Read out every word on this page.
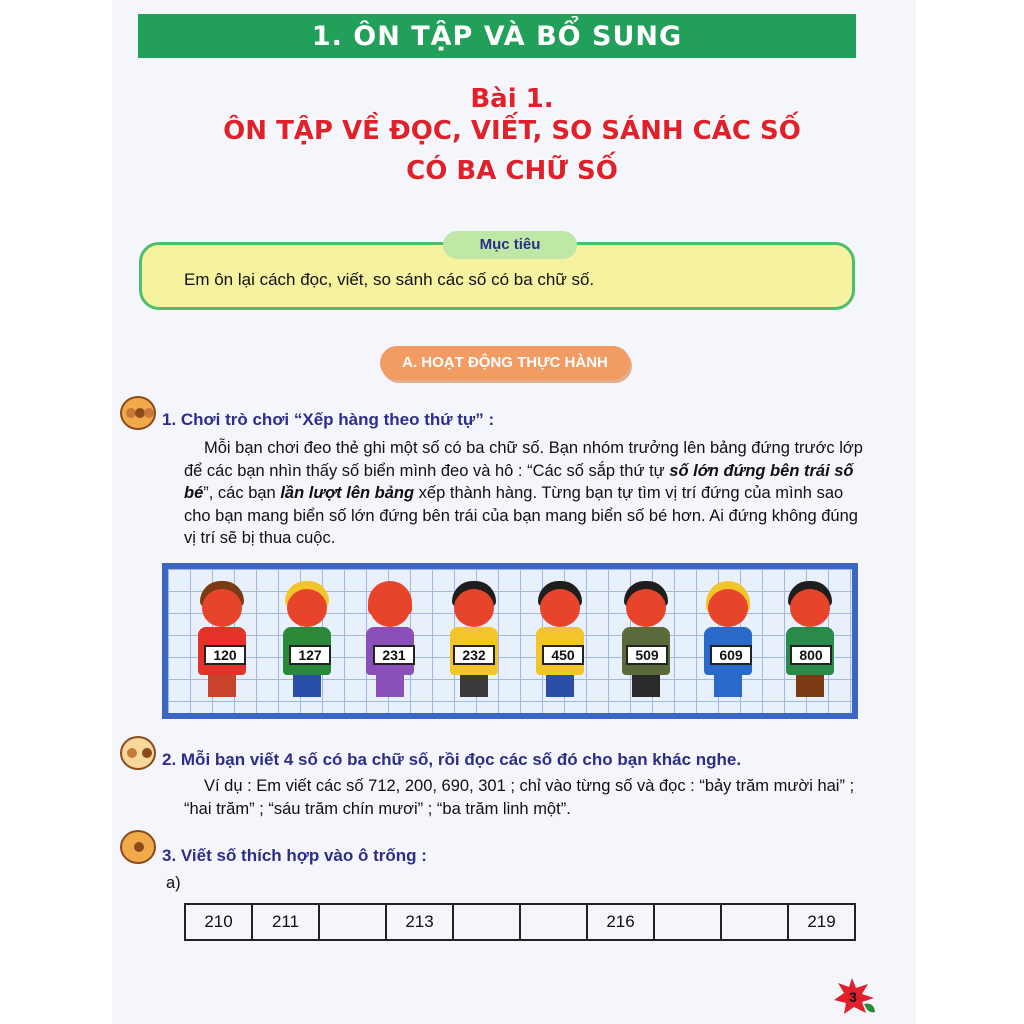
1. ÔN TẬP VÀ BỔ SUNG
Bài 1.
ÔN TẬP VỀ ĐỌC, VIẾT, SO SÁNH CÁC SỐ
CÓ BA CHỮ SỐ
Mục tiêu
Em ôn lại cách đọc, viết, so sánh các số có ba chữ số.
A. HOẠT ĐỘNG THỰC HÀNH
1. Chơi trò chơi “Xếp hàng theo thứ tự” :
Mỗi bạn chơi đeo thẻ ghi một số có ba chữ số. Bạn nhóm trưởng lên bảng đứng trước lớp để các bạn nhìn thấy số biển mình đeo và hô : “Các số sắp thứ tự số lớn đứng bên trái số bé”, các bạn lần lượt lên bảng xếp thành hàng. Từng bạn tự tìm vị trí đứng của mình sao cho bạn mang biển số lớn đứng bên trái của bạn mang biển số bé hơn. Ai đứng không đúng vị trí sẽ bị thua cuộc.
120	127	231	232	450	509	609	800
2. Mỗi bạn viết 4 số có ba chữ số, rồi đọc các số đó cho bạn khác nghe.
Ví dụ : Em viết các số 712, 200, 690, 301 ; chỉ vào từng số và đọc : “bảy trăm mười hai” ; “hai trăm” ; “sáu trăm chín mươi” ; “ba trăm linh một”.
3. Viết số thích hợp vào ô trống :
a)
210	211		213			216			219
3
